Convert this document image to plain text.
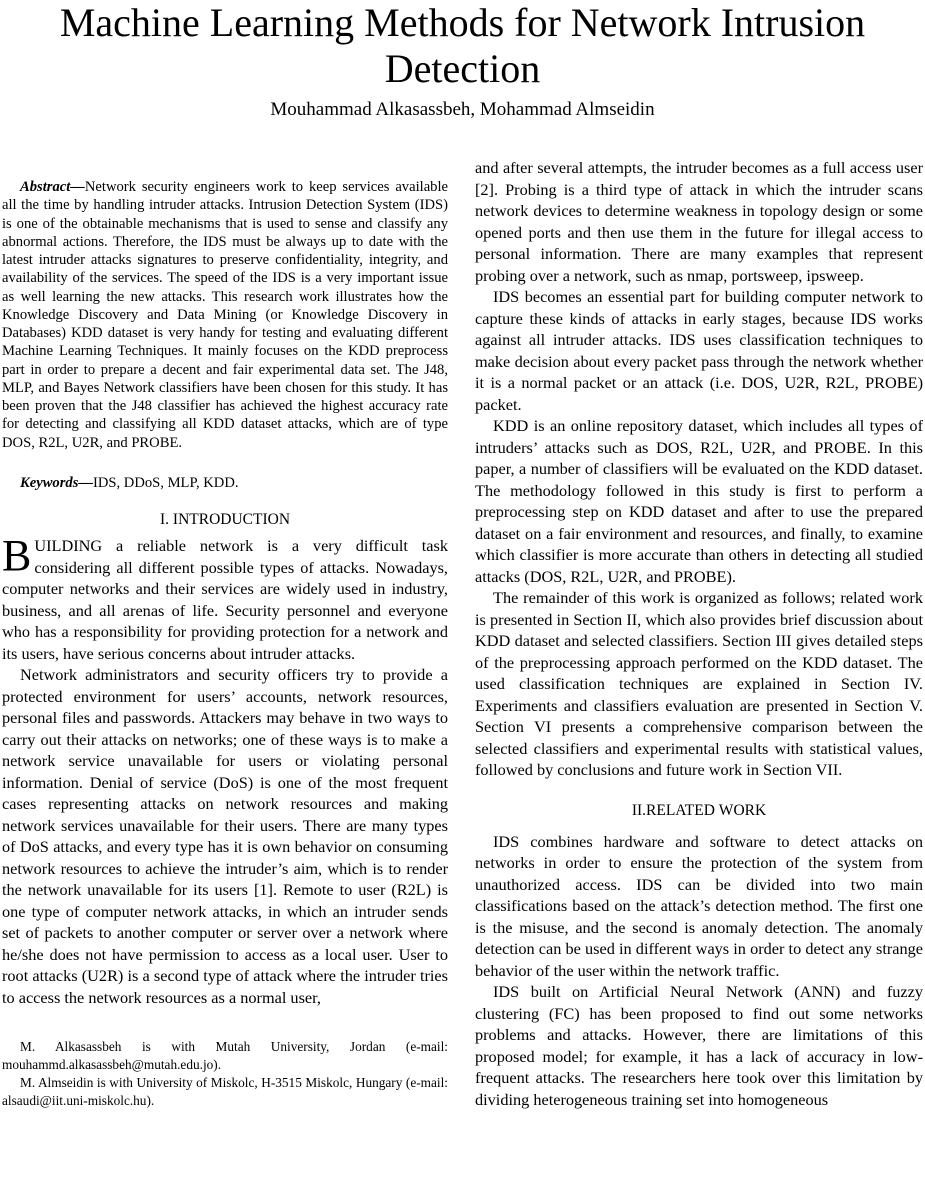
Machine Learning Methods for Network Intrusion Detection
Mouhammad Alkasassbeh, Mohammad Almseidin

Abstract—Network security engineers work to keep services available all the time by handling intruder attacks. Intrusion Detection System (IDS) is one of the obtainable mechanisms that is used to sense and classify any abnormal actions. Therefore, the IDS must be always up to date with the latest intruder attacks signatures to preserve confidentiality, integrity, and availability of the services. The speed of the IDS is a very important issue as well learning the new attacks. This research work illustrates how the Knowledge Discovery and Data Mining (or Knowledge Discovery in Databases) KDD dataset is very handy for testing and evaluating different Machine Learning Techniques. It mainly focuses on the KDD preprocess part in order to prepare a decent and fair experimental data set. The J48, MLP, and Bayes Network classifiers have been chosen for this study. It has been proven that the J48 classifier has achieved the highest accuracy rate for detecting and classifying all KDD dataset attacks, which are of type DOS, R2L, U2R, and PROBE.

Keywords—IDS, DDoS, MLP, KDD.

I. INTRODUCTION

BUILDING a reliable network is a very difficult task considering all different possible types of attacks. Nowadays, computer networks and their services are widely used in industry, business, and all arenas of life. Security personnel and everyone who has a responsibility for providing protection for a network and its users, have serious concerns about intruder attacks.

Network administrators and security officers try to provide a protected environment for users’ accounts, network resources, personal files and passwords. Attackers may behave in two ways to carry out their attacks on networks; one of these ways is to make a network service unavailable for users or violating personal information. Denial of service (DoS) is one of the most frequent cases representing attacks on network resources and making network services unavailable for their users. There are many types of DoS attacks, and every type has it is own behavior on consuming network resources to achieve the intruder’s aim, which is to render the network unavailable for its users [1]. Remote to user (R2L) is one type of computer network attacks, in which an intruder sends set of packets to another computer or server over a network where he/she does not have permission to access as a local user. User to root attacks (U2R) is a second type of attack where the intruder tries to access the network resources as a normal user,

M. Alkasassbeh is with Mutah University, Jordan (e-mail: mouhammd.alkasassbeh@mutah.edu.jo).

M. Almseidin is with University of Miskolc, H-3515 Miskolc, Hungary (e-mail: alsaudi@iit.uni-miskolc.hu).

and after several attempts, the intruder becomes as a full access user [2]. Probing is a third type of attack in which the intruder scans network devices to determine weakness in topology design or some opened ports and then use them in the future for illegal access to personal information. There are many examples that represent probing over a network, such as nmap, portsweep, ipsweep.

IDS becomes an essential part for building computer network to capture these kinds of attacks in early stages, because IDS works against all intruder attacks. IDS uses classification techniques to make decision about every packet pass through the network whether it is a normal packet or an attack (i.e. DOS, U2R, R2L, PROBE) packet.

KDD is an online repository dataset, which includes all types of intruders’ attacks such as DOS, R2L, U2R, and PROBE. In this paper, a number of classifiers will be evaluated on the KDD dataset. The methodology followed in this study is first to perform a preprocessing step on KDD dataset and after to use the prepared dataset on a fair environment and resources, and finally, to examine which classifier is more accurate than others in detecting all studied attacks (DOS, R2L, U2R, and PROBE).

The remainder of this work is organized as follows; related work is presented in Section II, which also provides brief discussion about KDD dataset and selected classifiers. Section III gives detailed steps of the preprocessing approach performed on the KDD dataset. The used classification techniques are explained in Section IV. Experiments and classifiers evaluation are presented in Section V. Section VI presents a comprehensive comparison between the selected classifiers and experimental results with statistical values, followed by conclusions and future work in Section VII.

II.RELATED WORK

IDS combines hardware and software to detect attacks on networks in order to ensure the protection of the system from unauthorized access. IDS can be divided into two main classifications based on the attack’s detection method. The first one is the misuse, and the second is anomaly detection. The anomaly detection can be used in different ways in order to detect any strange behavior of the user within the network traffic.

IDS built on Artificial Neural Network (ANN) and fuzzy clustering (FC) has been proposed to find out some networks problems and attacks. However, there are limitations of this proposed model; for example, it has a lack of accuracy in low-frequent attacks. The researchers here took over this limitation by dividing heterogeneous training set into homogeneous
